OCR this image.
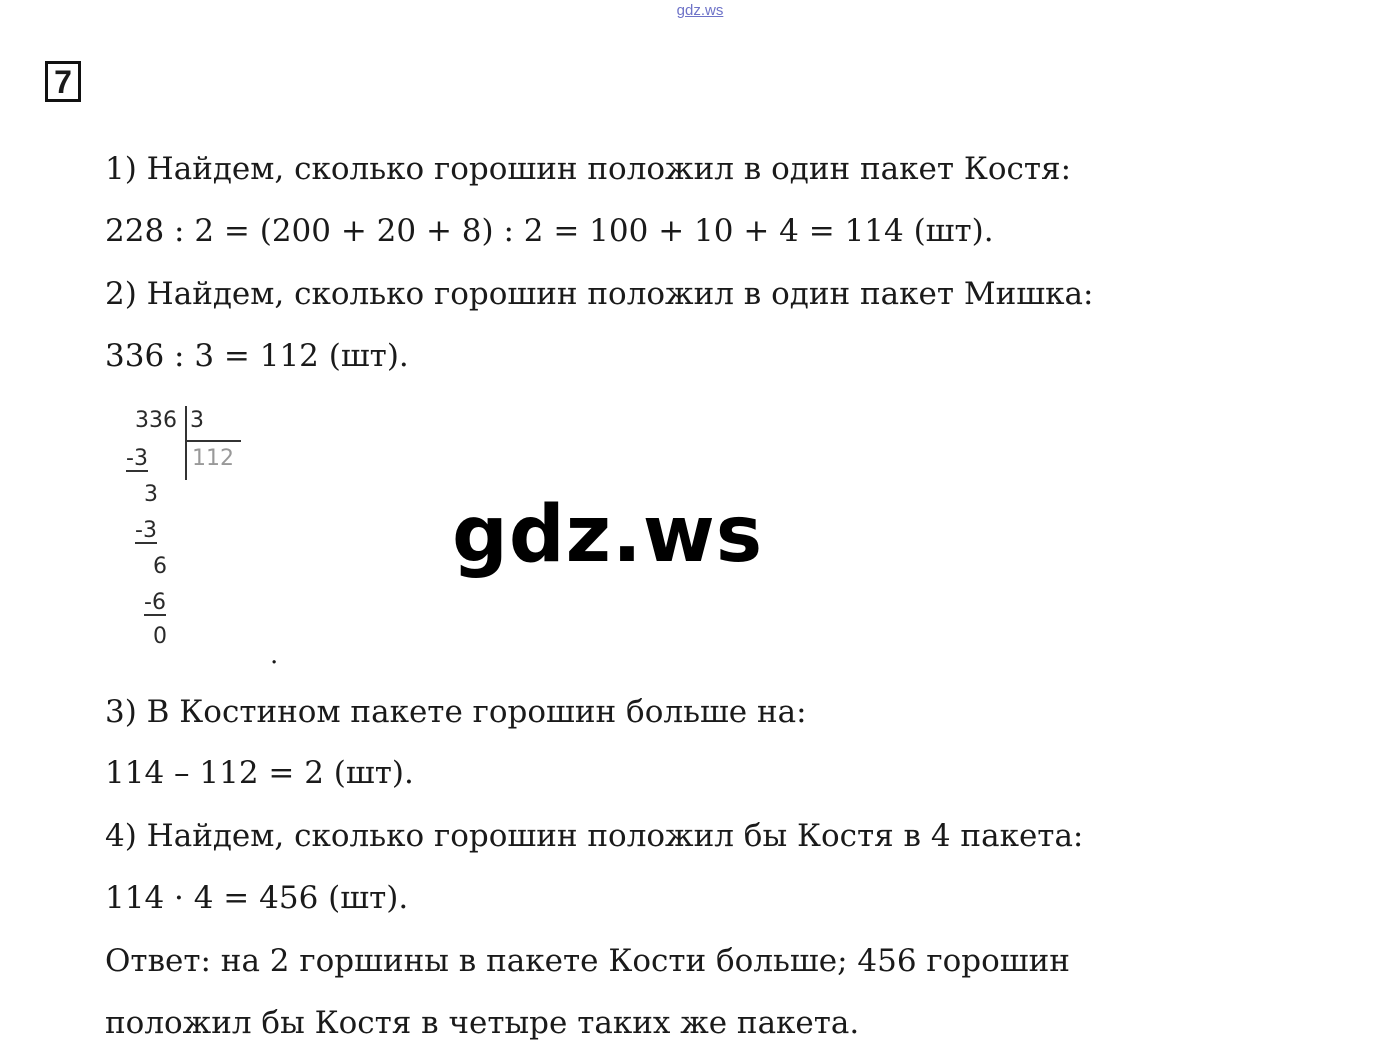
gdz.ws
7
1) Найдем, сколько горошин положил в один пакет Костя:
228 : 2 = (200 + 20 + 8) : 2 = 100 + 10 + 4 = 114 (шт).
2) Найдем, сколько горошин положил в один пакет Мишка:
336 : 3 = 112 (шт).
336 3
112
-3
3
-3
6
-6
0
.
gdz.ws
3) В Костином пакете горошин больше на:
114 – 112 = 2 (шт).
4) Найдем, сколько горошин положил бы Костя в 4 пакета:
114 · 4 = 456 (шт).
Ответ: на 2 горшины в пакете Кости больше; 456 горошин
положил бы Костя в четыре таких же пакета.
